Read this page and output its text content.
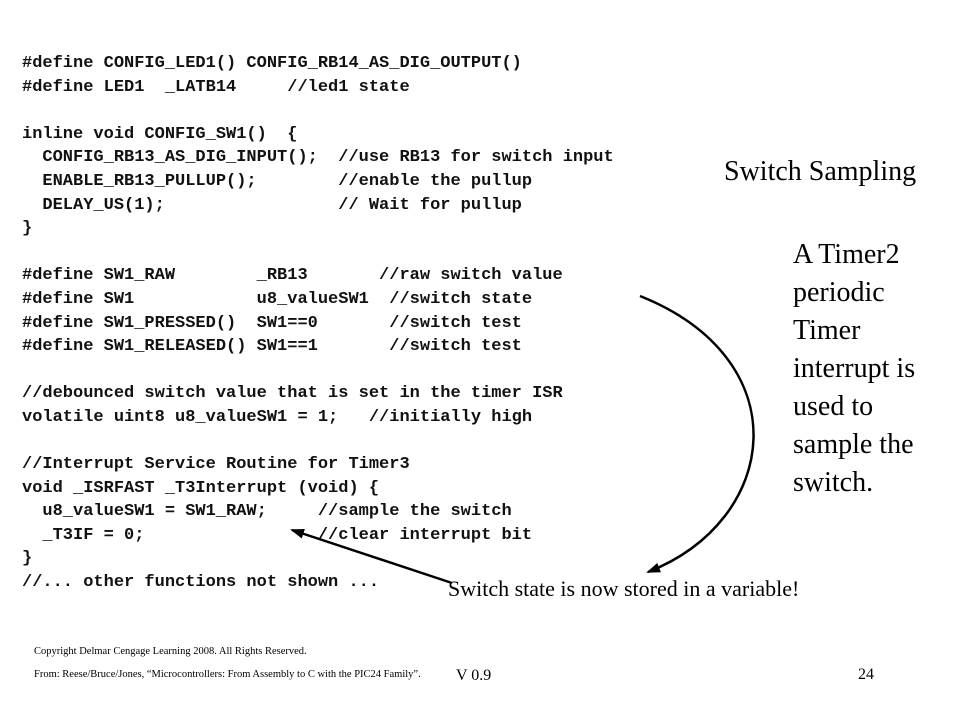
#define CONFIG_LED1() CONFIG_RB14_AS_DIG_OUTPUT()
#define LED1  _LATB14     //led1 state
inline void CONFIG_SW1()  {
CONFIG_RB13_AS_DIG_INPUT();  //use RB13 for switch input
ENABLE_RB13_PULLUP();        //enable the pullup
DELAY_US(1);                 // Wait for pullup
}
#define SW1_RAW        _RB13       //raw switch value
#define SW1            u8_valueSW1  //switch state
#define SW1_PRESSED()  SW1==0       //switch test
#define SW1_RELEASED() SW1==1       //switch test
//debounced switch value that is set in the timer ISR
volatile uint8 u8_valueSW1 = 1;   //initially high
//Interrupt Service Routine for Timer3
void _ISRFAST _T3Interrupt (void) {
u8_valueSW1 = SW1_RAW;     //sample the switch
_T3IF = 0;                 //clear interrupt bit
}
//... other functions not shown ...
Switch Sampling
A Timer2 periodic Timer interrupt is used to sample the switch.
Switch state is now stored in a variable!
Copyright Delmar Cengage Learning 2008. All Rights Reserved.
From: Reese/Bruce/Jones, “Microcontrollers: From Assembly to C with the PIC24 Family”. V 0.9	24
